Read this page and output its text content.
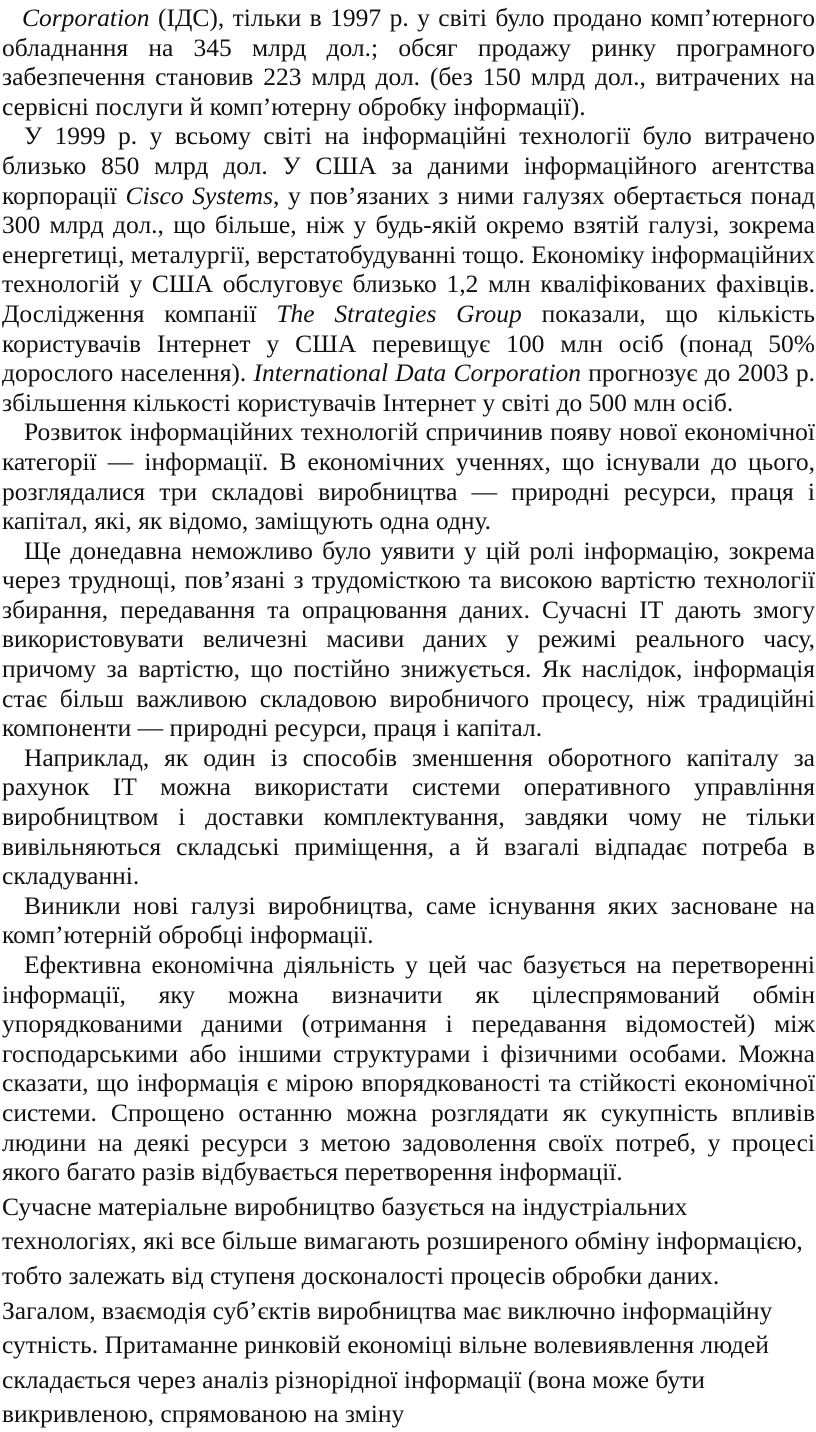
Corporation (ІДС), тільки в 1997 р. у світі було продано комп’ютерного обладнання на 345 млрд дол.; обсяг продажу ринку програмного забезпечення становив 223 млрд дол. (без 150 млрд дол., витрачених на сервісні послуги й комп’ютерну обробку інформації).

У 1999 р. у всьому світі на інформаційні технології було витрачено близько 850 млрд дол. У США за даними інформаційного агентства корпорації Cisco Systems, у пов’язаних з ними галузях обертається понад 300 млрд дол., що більше, ніж у будь-якій окремо взятій галузі, зокрема енергетиці, металургії, верстатобудуванні тощо. Економіку інформаційних технологій у США обслуговує близько 1,2 млн кваліфікованих фахівців. Дослідження компанії The Strategies Group показали, що кількість користувачів Інтернет у США перевищує 100 млн осіб (понад 50% дорослого населення). International Data Corporation прогнозує до 2003 р. збільшення кількості користувачів Інтернет у світі до 500 млн осіб.

Розвиток інформаційних технологій спричинив появу нової економічної категорії — інформації. В економічних ученнях, що існували до цього, розглядалися три складові виробництва — природні ресурси, праця і капітал, які, як відомо, заміщують одна одну.

Ще донедавна неможливо було уявити у цій ролі інформацію, зокрема через труднощі, пов’язані з трудомісткою та високою вартістю технології збирання, передавання та опрацювання даних. Сучасні ІТ дають змогу використовувати величезні масиви даних у режимі реального часу, причому за вартістю, що постійно знижується. Як наслідок, інформація стає більш важливою складовою виробничого процесу, ніж традиційні компоненти — природні ресурси, праця і капітал.

Наприклад, як один із способів зменшення оборотного капіталу за рахунок ІТ можна використати системи оперативного управління виробництвом і доставки комплектування, завдяки чому не тільки вивільняються складські приміщення, а й взагалі відпадає потреба в складуванні.

Виникли нові галузі виробництва, саме існування яких засноване на комп’ютерній обробці інформації.

Ефективна економічна діяльність у цей час базується на перетворенні інформації, яку можна визначити як цілеспрямований обмін упорядкованими даними (отримання і передавання відомостей) між господарськими або іншими структурами і фізичними особами. Можна сказати, що інформація є мірою впорядкованості та стійкості економічної системи. Спрощено останню можна розглядати як сукупність впливів людини на деякі ресурси з метою задоволення своїх потреб, у процесі якого багато разів відбувається перетворення інформації.

Сучасне матеріальне виробництво базується на індустріальних технологіях, які все більше вимагають розширеного обміну інформацією, тобто залежать від ступеня досконалості процесів обробки даних. Загалом, взаємодія суб’єктів виробництва має виключно інформаційну сутність. Притаманне ринковій економіці вільне волевиявлення людей складається через аналіз різнорідної інформації (вона може бути викривленою, спрямованою на зміну
